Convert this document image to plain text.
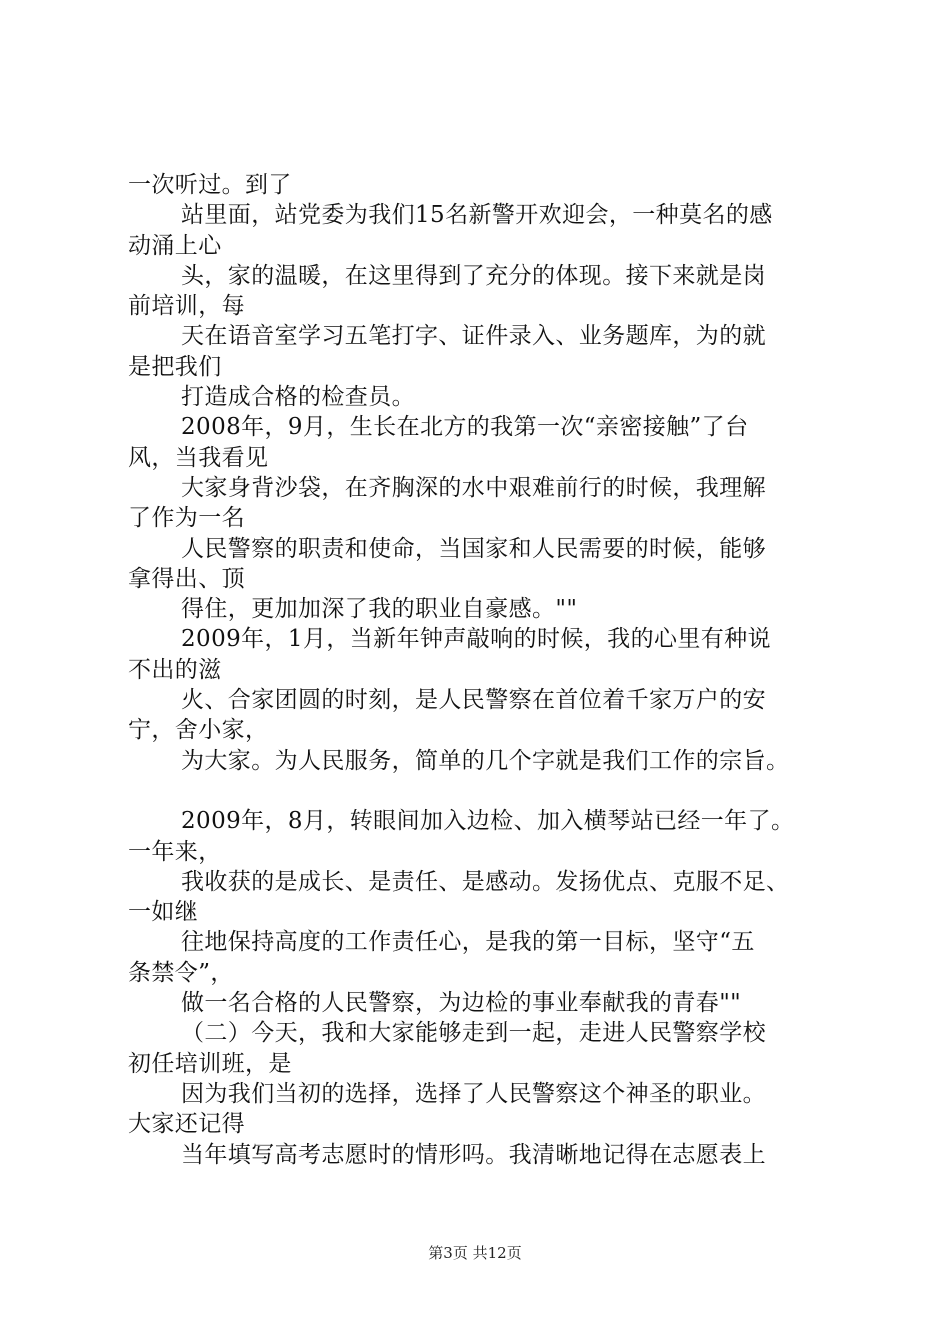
一次听过。到了
站里面，站党委为我们15名新警开欢迎会，一种莫名的感
动涌上心
头，家的温暖，在这里得到了充分的体现。接下来就是岗
前培训，每
天在语音室学习五笔打字、证件录入、业务题库，为的就
是把我们
打造成合格的检查员。
2008年，9月，生长在北方的我第一次“亲密接触”了台
风，当我看见
大家身背沙袋，在齐胸深的水中艰难前行的时候，我理解
了作为一名
人民警察的职责和使命，当国家和人民需要的时候，能够
拿得出、顶
得住，更加加深了我的职业自豪感。""
2009年，1月，当新年钟声敲响的时候，我的心里有种说
不出的滋
火、合家团圆的时刻，是人民警察在首位着千家万户的安
宁，舍小家，
为大家。为人民服务，简单的几个字就是我们工作的宗旨。
2009年，8月，转眼间加入边检、加入横琴站已经一年了。
一年来，
我收获的是成长、是责任、是感动。发扬优点、克服不足、
一如继
往地保持高度的工作责任心，是我的第一目标，坚守“五
条禁令”，
做一名合格的人民警察，为边检的事业奉献我的青春""
（二）今天，我和大家能够走到一起，走进人民警察学校
初任培训班，是
因为我们当初的选择，选择了人民警察这个神圣的职业。
大家还记得
当年填写高考志愿时的情形吗。我清晰地记得在志愿表上
第3页 共12页
